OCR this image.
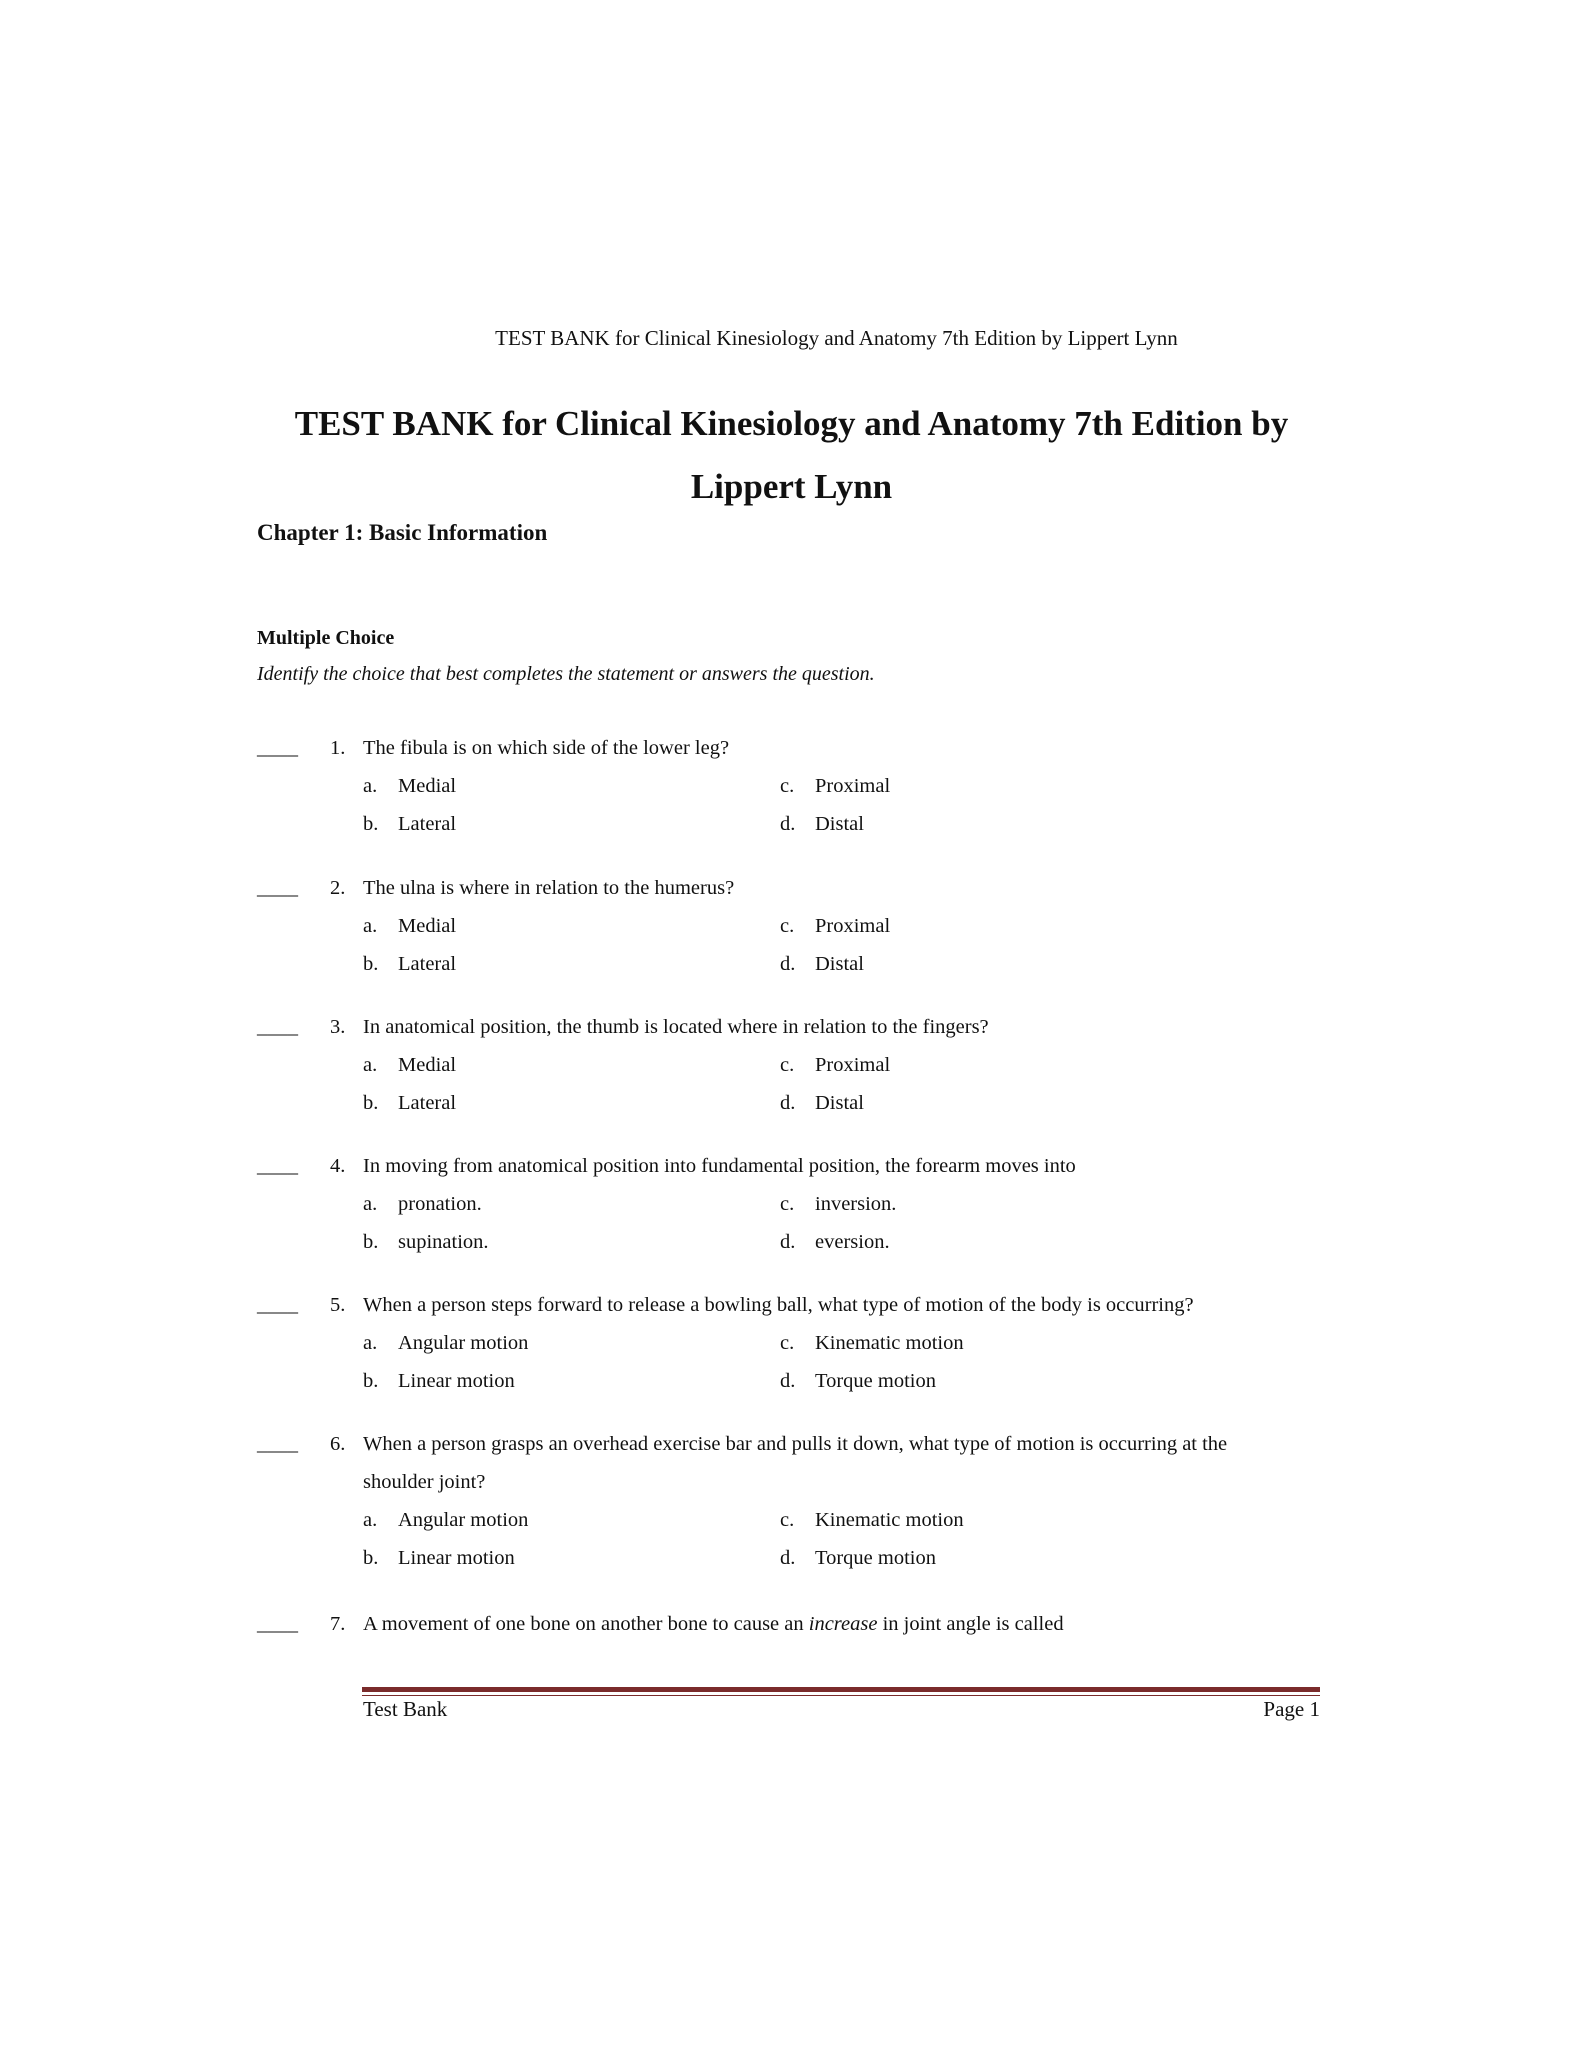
TEST BANK for Clinical Kinesiology and Anatomy 7th Edition by Lippert Lynn
TEST BANK for Clinical Kinesiology and Anatomy 7th Edition by
Lippert Lynn
Chapter 1: Basic Information
Multiple Choice
Identify the choice that best completes the statement or answers the question.
____ 1. The fibula is on which side of the lower leg?
a. Medial
b. Lateral
c. Proximal
d. Distal
____ 2. The ulna is where in relation to the humerus?
a. Medial
b. Lateral
c. Proximal
d. Distal
____ 3. In anatomical position, the thumb is located where in relation to the fingers?
a. Medial
b. Lateral
c. Proximal
d. Distal
____ 4. In moving from anatomical position into fundamental position, the forearm moves into
a. pronation.
b. supination.
c. inversion.
d. eversion.
____ 5. When a person steps forward to release a bowling ball, what type of motion of the body is occurring?
a. Angular motion
b. Linear motion
c. Kinematic motion
d. Torque motion
____ 6. When a person grasps an overhead exercise bar and pulls it down, what type of motion is occurring at the shoulder joint?
a. Angular motion
b. Linear motion
c. Kinematic motion
d. Torque motion
____ 7. A movement of one bone on another bone to cause an increase in joint angle is called
Test Bank	Page 1
